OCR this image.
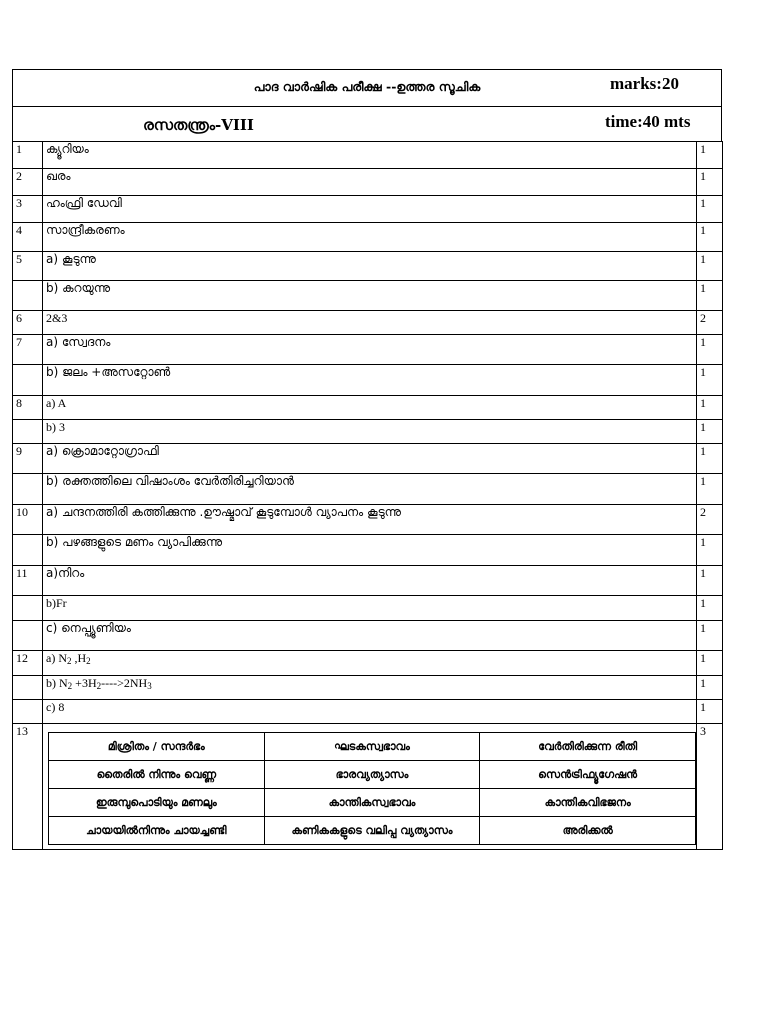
പാദ വാർഷിക പരീക്ഷ --ഉത്തര സൂചിക	marks:20
രസതന്ത്രം-VIII	time:40 mts
1	ക്യൂറിയം	1
2	ഖരം	1
3	ഹംഫ്രി ഡേവി	1
4	സാന്ദ്രീകരണം	1
5	a) കൂടുന്നു	1
	b) കറയുന്നു	1
6	2&3	2
7	a) സ്വേദനം	1
	b) ജലം +അസറ്റോൺ	1
8	a) A	1
	b) 3	1
9	a) ക്രൊമാറ്റോഗ്രാഫി	1
	b) രക്തത്തിലെ വിഷാംശം വേർതിരിച്ചറിയാൻ	1
10	a) ചന്ദനത്തിരി കത്തിക്കുന്നു .ഊഷ്മാവ് കൂടുമ്പോൾ വ്യാപനം കൂടുന്നു	2
	b) പഴങ്ങളുടെ മണം വ്യാപിക്കുന്നു	1
11	a)നിറം	1
	b)Fr	1
	c) നെപ്പ്യൂണിയം	1
12	a) $N_2$ $,H_2$	1
	b) $N_2 +3H_2---->2NH_3$	1
	c) 8	1
13	
മിശ്രിതം / സന്ദർഭം	ഘടകസ്വഭാവം	വേർതിരിക്കുന്ന രീതി
തൈരിൽ നിന്നും വെണ്ണ	ഭാരവ്യത്യാസം	സെൻട്രിഫ്യൂഗേഷൻ
ഇരുമ്പുപൊടിയും മണലും	കാന്തികസ്വഭാവം	കാന്തികവിഭജനം
ചായയിൽനിന്നും ചായച്ചണ്ടി	കണികകളുടെ വലിപ്പ വ്യത്യാസം	അരിക്കൽ
	3
